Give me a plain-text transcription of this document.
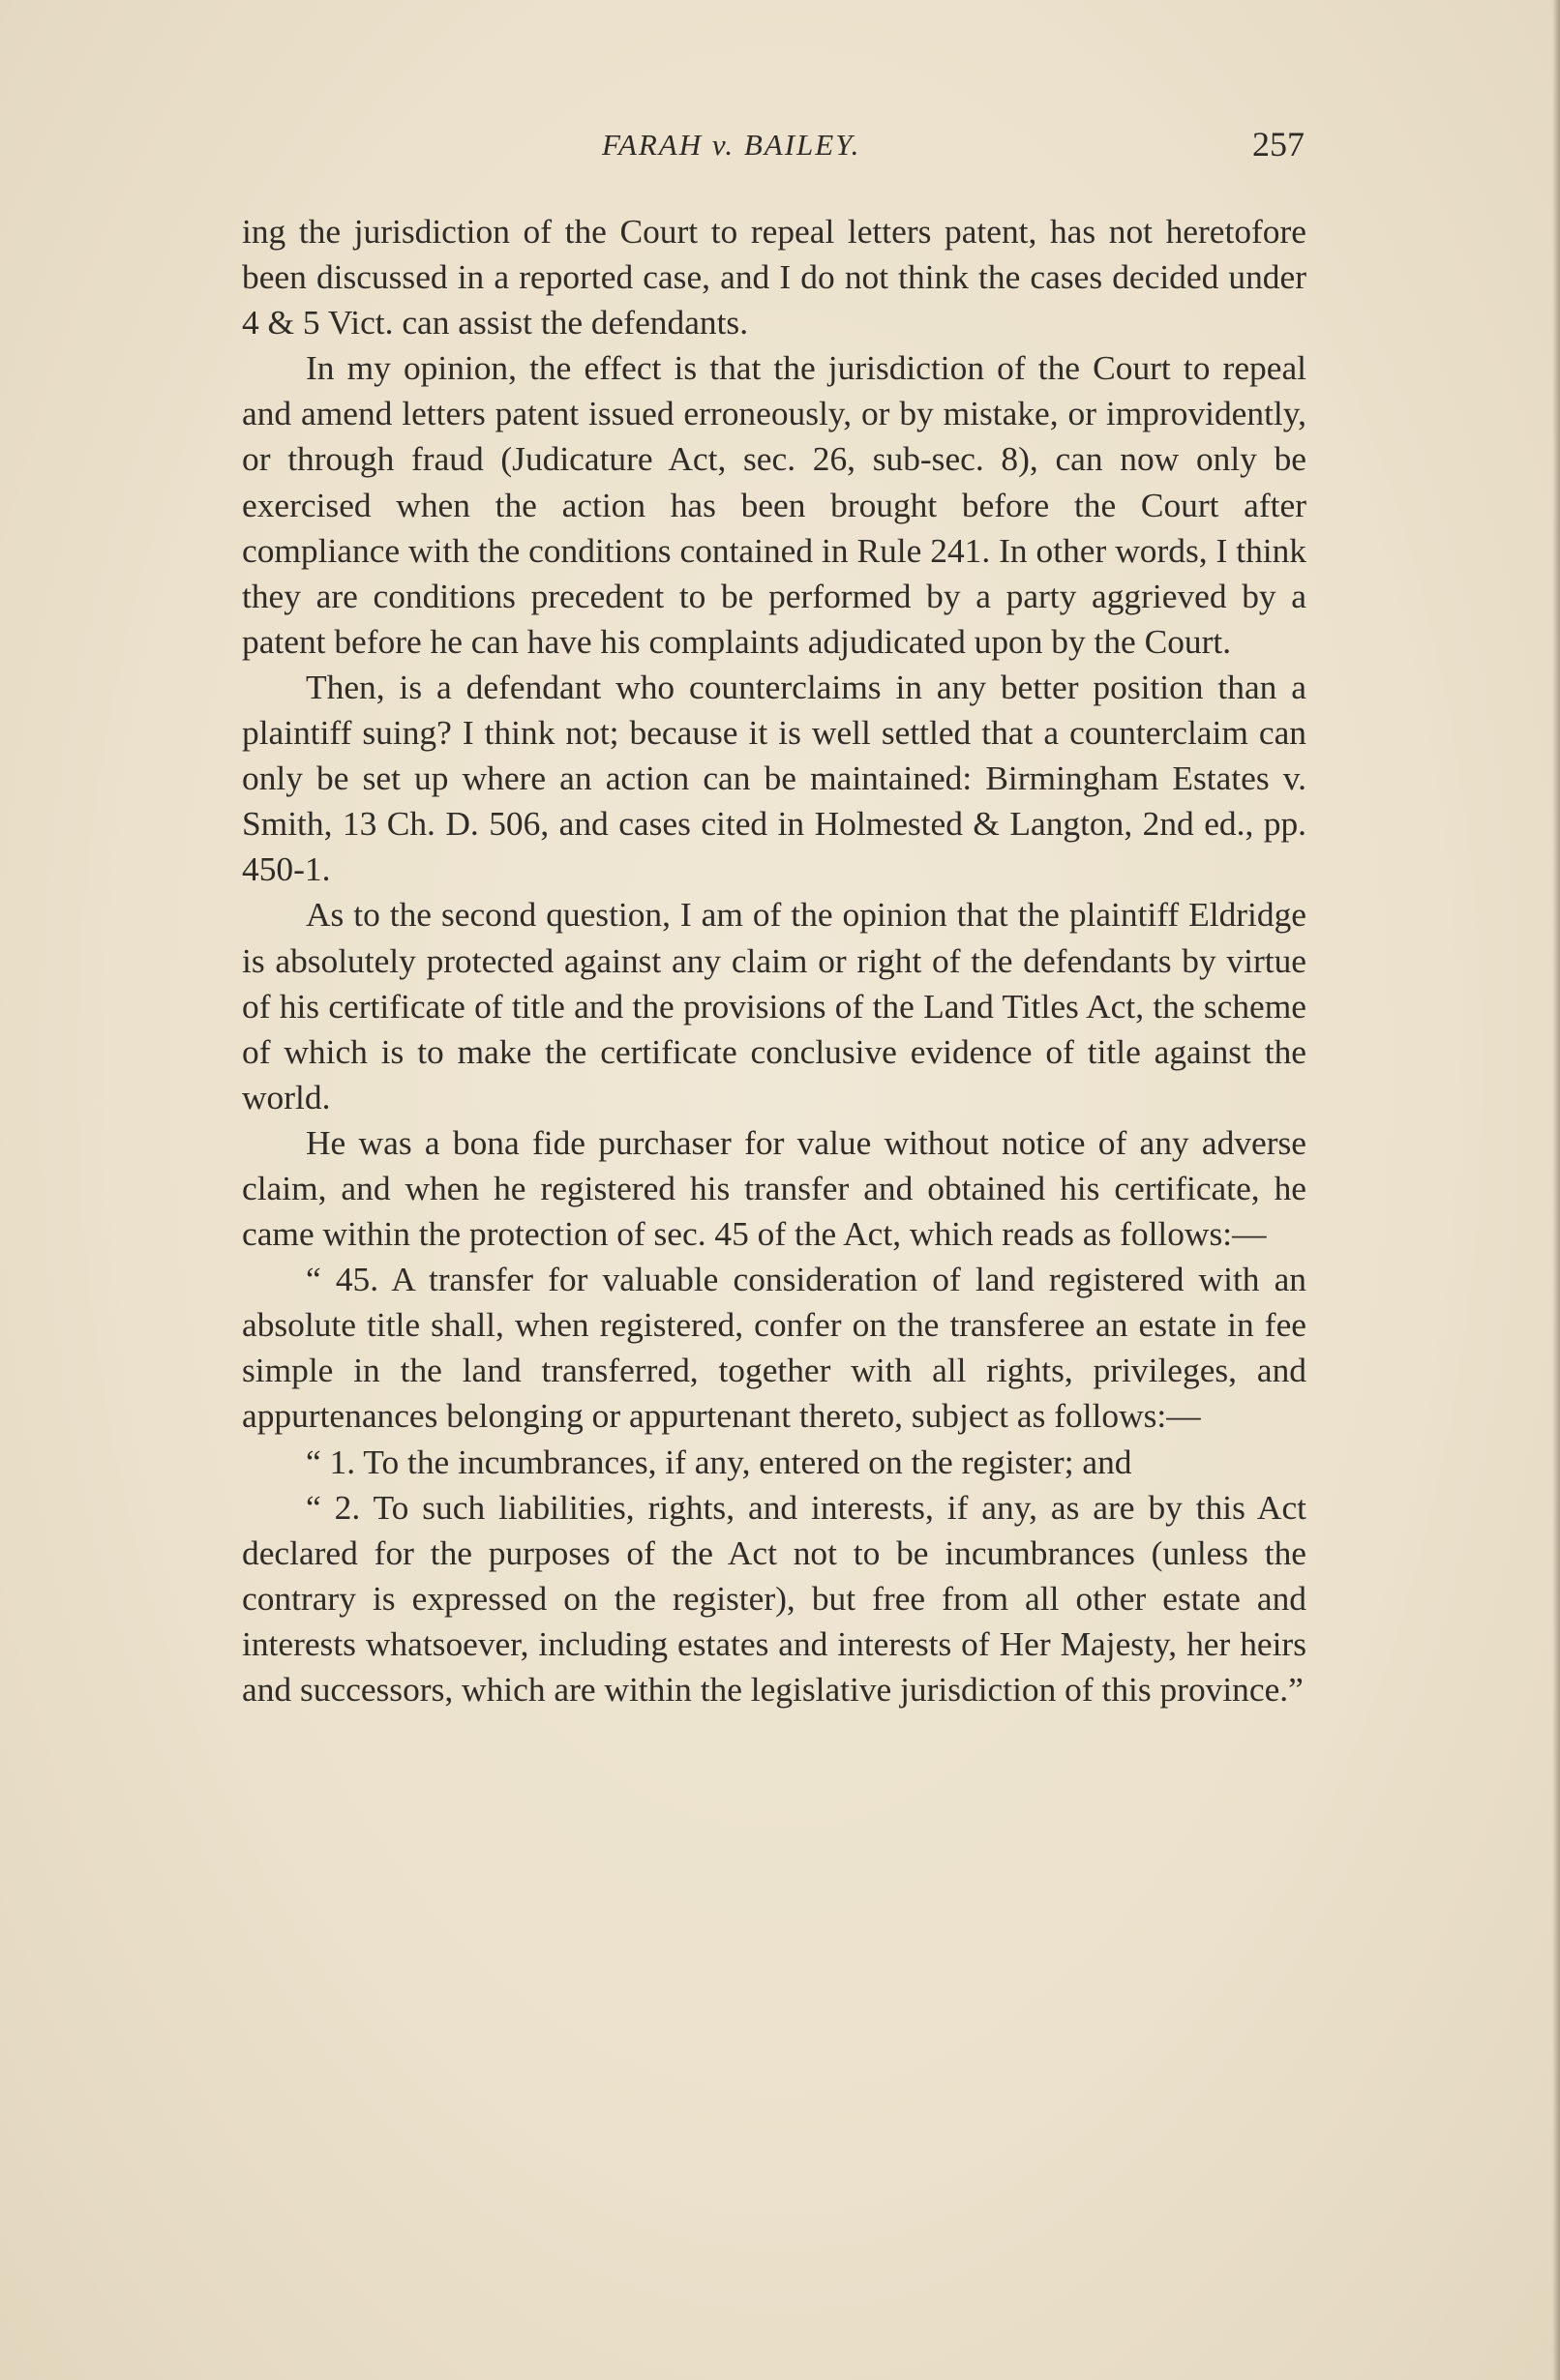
FARAH v. BAILEY.	257

ing the jurisdiction of the Court to repeal letters patent, has not heretofore been discussed in a reported case, and I do not think the cases decided under 4 & 5 Vict. can assist the defendants.

In my opinion, the effect is that the jurisdiction of the Court to repeal and amend letters patent issued erroneously, or by mistake, or improvidently, or through fraud (Judicature Act, sec. 26, sub-sec. 8), can now only be exercised when the action has been brought before the Court after compliance with the conditions contained in Rule 241. In other words, I think they are conditions precedent to be performed by a party aggrieved by a patent before he can have his complaints adjudicated upon by the Court.

Then, is a defendant who counterclaims in any better position than a plaintiff suing? I think not; because it is well settled that a counterclaim can only be set up where an action can be maintained: Birmingham Estates v. Smith, 13 Ch. D. 506, and cases cited in Holmested & Langton, 2nd ed., pp. 450-1.

As to the second question, I am of the opinion that the plaintiff Eldridge is absolutely protected against any claim or right of the defendants by virtue of his certificate of title and the provisions of the Land Titles Act, the scheme of which is to make the certificate conclusive evidence of title against the world.

He was a bona fide purchaser for value without notice of any adverse claim, and when he registered his transfer and obtained his certificate, he came within the protection of sec. 45 of the Act, which reads as follows:—

“ 45. A transfer for valuable consideration of land registered with an absolute title shall, when registered, confer on the transferee an estate in fee simple in the land transferred, together with all rights, privileges, and appurtenances belonging or appurtenant thereto, subject as follows:—

“ 1. To the incumbrances, if any, entered on the register; and

“ 2. To such liabilities, rights, and interests, if any, as are by this Act declared for the purposes of the Act not to be incumbrances (unless the contrary is expressed on the register), but free from all other estate and interests whatsoever, including estates and interests of Her Majesty, her heirs and successors, which are within the legislative jurisdiction of this province.”
